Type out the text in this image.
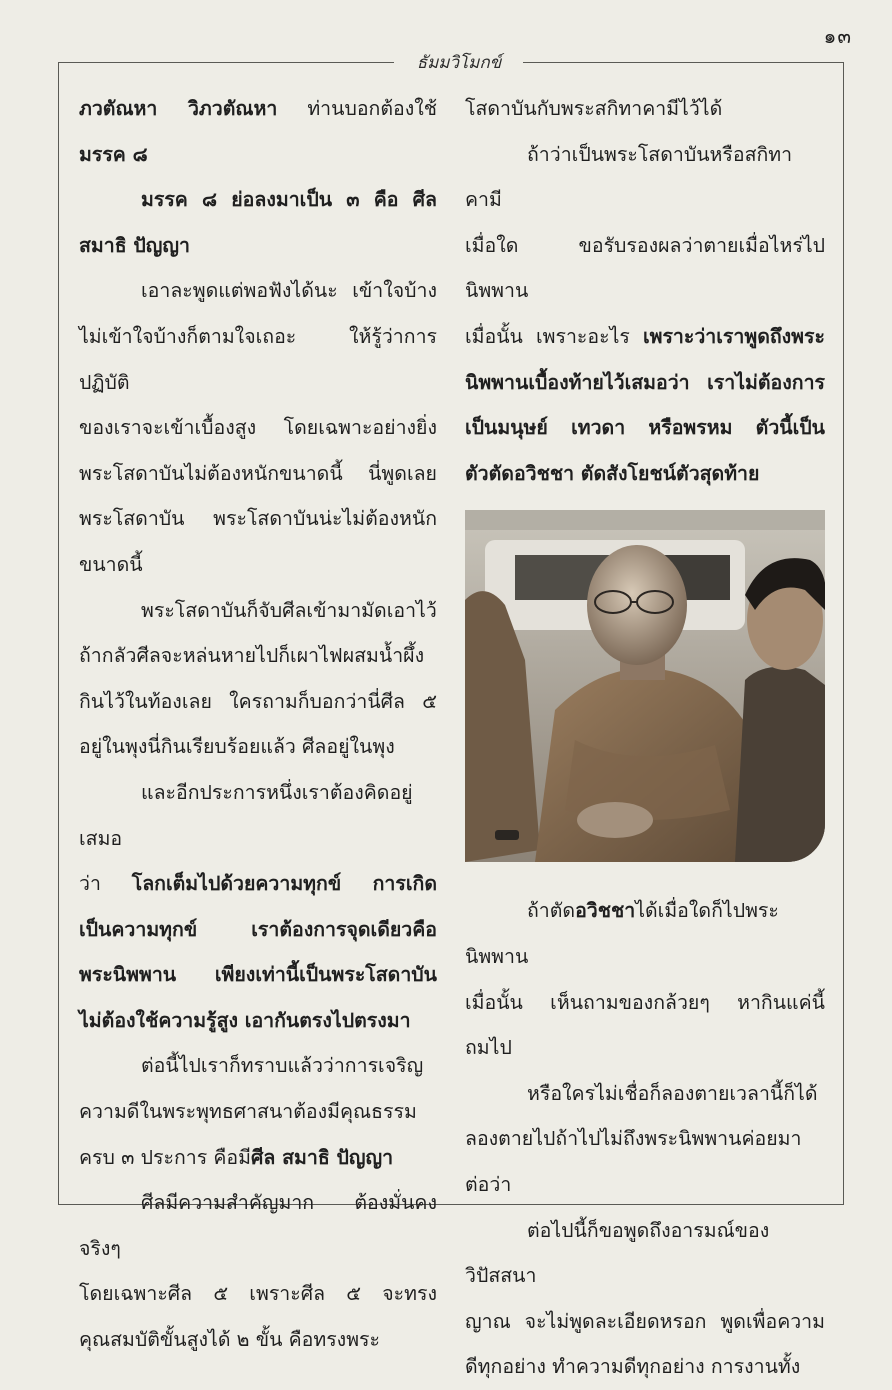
๑๓
ธัมมวิโมกข์

ภวตัณหา วิภวตัณหา ท่านบอกต้องใช้

มรรค ๘

มรรค ๘ ย่อลงมาเป็น ๓ คือ ศีล

สมาธิ ปัญญา

เอาละพูดแต่พอฟังได้นะ เข้าใจบ้าง

ไม่เข้าใจบ้างก็ตามใจเถอะ ให้รู้ว่าการปฏิบัติ

ของเราจะเข้าเบื้องสูง โดยเฉพาะอย่างยิ่ง

พระโสดาบันไม่ต้องหนักขนาดนี้ นี่พูดเลย

พระโสดาบัน พระโสดาบันน่ะไม่ต้องหนัก

ขนาดนี้

พระโสดาบันก็จับศีลเข้ามามัดเอาไว้

ถ้ากลัวศีลจะหล่นหายไปก็เผาไฟผสมน้ำผึ้ง

กินไว้ในท้องเลย ใครถามก็บอกว่านี่ศีล ๕

อยู่ในพุงนี่กินเรียบร้อยแล้ว ศีลอยู่ในพุง

และอีกประการหนึ่งเราต้องคิดอยู่เสมอ

ว่า โลกเต็มไปด้วยความทุกข์ การเกิด

เป็นความทุกข์ เราต้องการจุดเดียวคือ

พระนิพพาน เพียงเท่านี้เป็นพระโสดาบัน

ไม่ต้องใช้ความรู้สูง เอากันตรงไปตรงมา

ต่อนี้ไปเราก็ทราบแล้วว่าการเจริญ

ความดีในพระพุทธศาสนาต้องมีคุณธรรม

ครบ ๓ ประการ คือมีศีล สมาธิ ปัญญา

ศีลมีความสำคัญมาก ต้องมั่นคงจริงๆ

โดยเฉพาะศีล ๕ เพราะศีล ๕ จะทรง

คุณสมบัติขั้นสูงได้ ๒ ขั้น คือทรงพระ

โสดาบันกับพระสกิทาคามีไว้ได้

ถ้าว่าเป็นพระโสดาบันหรือสกิทาคามี

เมื่อใด ขอรับรองผลว่าตายเมื่อไหร่ไปนิพพาน

เมื่อนั้น เพราะอะไร เพราะว่าเราพูดถึงพระ

นิพพานเบื้องท้ายไว้เสมอว่า เราไม่ต้องการ

เป็นมนุษย์ เทวดา หรือพรหม ตัวนี้เป็น

ตัวตัดอวิชชา ตัดสังโยชน์ตัวสุดท้าย

ถ้าตัดอวิชชาได้เมื่อใดก็ไปพระนิพพาน

เมื่อนั้น เห็นถามของกล้วยๆ หากินแค่นี้

ถมไป

หรือใครไม่เชื่อก็ลองตายเวลานี้ก็ได้

ลองตายไปถ้าไปไม่ถึงพระนิพพานค่อยมา

ต่อว่า

ต่อไปนี้ก็ขอพูดถึงอารมณ์ของวิปัสสนา

ญาณ จะไม่พูดละเอียดหรอก พูดเพื่อความ

ดีทุกอย่าง ทำความดีทุกอย่าง การงานทั้ง
